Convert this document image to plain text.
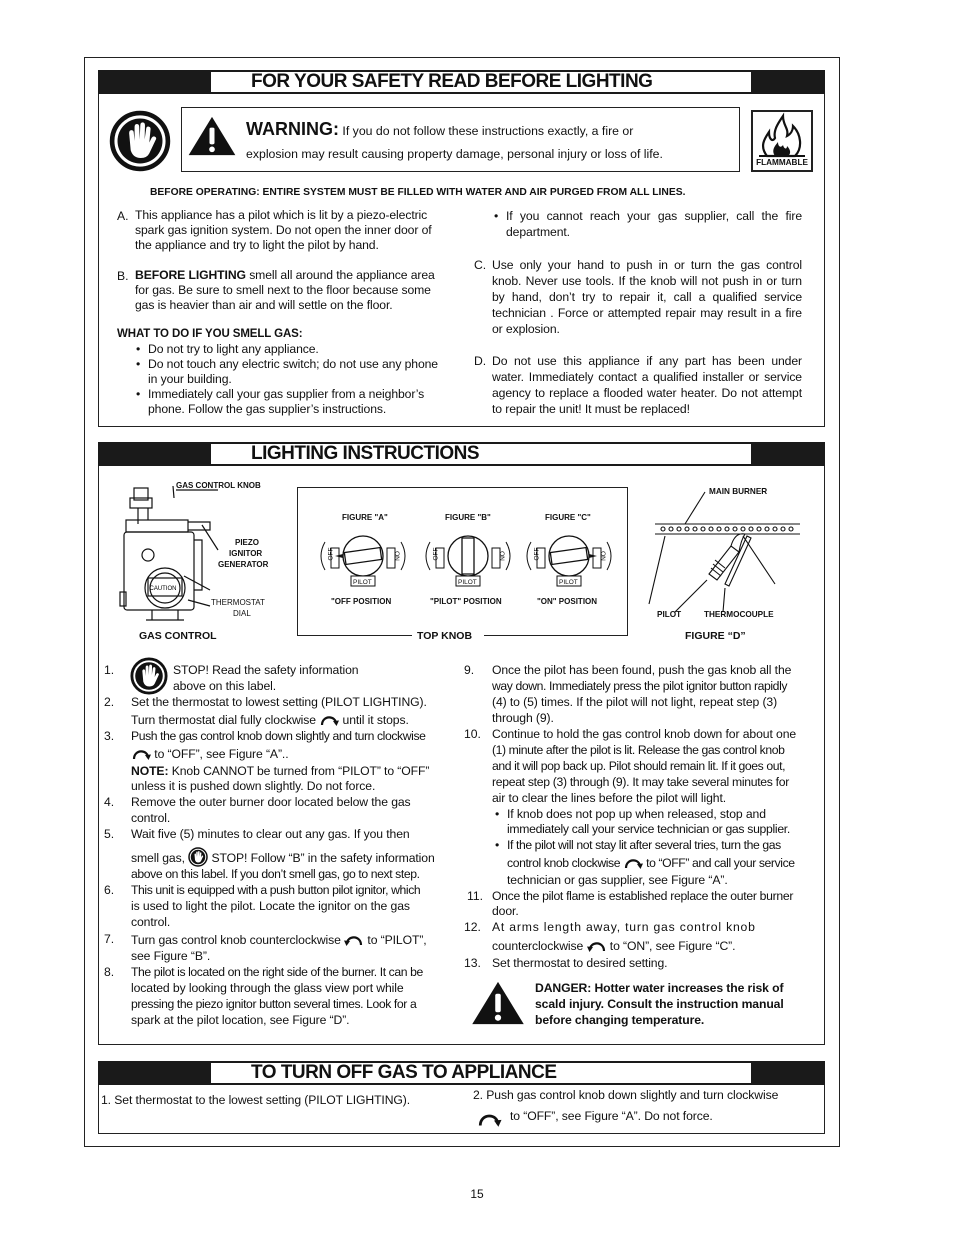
FOR YOUR SAFETY READ BEFORE LIGHTING
WARNING: If you do not follow these instructions exactly, a fire or
explosion may result causing property damage, personal injury or loss of life.
FLAMMABLE
BEFORE OPERATING: ENTIRE SYSTEM MUST BE FILLED WITH WATER AND AIR PURGED FROM ALL LINES.
A. This appliance has a pilot which is lit by a piezo-electric spark gas ignition system. Do not open the inner door of the appliance and try to light the pilot by hand.
B. BEFORE LIGHTING smell all around the appliance area for gas. Be sure to smell next to the floor because some gas is heavier than air and will settle on the floor.
WHAT TO DO IF YOU SMELL GAS:
• Do not try to light any appliance.
• Do not touch any electric switch; do not use any phone in your building.
• Immediately call your gas supplier from a neighbor’s phone. Follow the gas supplier’s instructions.
• If you cannot reach your gas supplier, call the fire department.
C. Use only your hand to push in or turn the gas control knob. Never use tools. If the knob will not push in or turn by hand, don’t try to repair it, call a qualified service technician . Force or attempted repair may result in a fire or explosion.
D. Do not use this appliance if any part has been under water. Immediately contact a qualified installer or service agency to replace a flooded water heater. Do not attempt to repair the unit! It must be replaced!
LIGHTING INSTRUCTIONS
CAUTION
GAS CONTROL KNOB
PIEZO
IGNITOR
GENERATOR
THERMOSTAT
DIAL
GAS CONTROL	TOP KNOB
FIGURE "A"	FIGURE "B"	FIGURE "C"
OFF	ON
PILOT
OFF	ON
PILOT
OFF	ON
PILOT
"OFF POSITION	"PILOT" POSITION	"ON" POSITION
MAIN BURNER
PILOT	THERMOCOUPLE
FIGURE “D”
1.	STOP! Read the safety information
above on this label.
2. Set the thermostat to lowest setting (PILOT LIGHTING).
Turn thermostat dial fully clockwise until it stops.
3. Push the gas control knob down slightly and turn clockwise
to “OFF”, see Figure “A”..
NOTE: Knob CANNOT be turned from “PILOT” to “OFF”
unless it is pushed down slightly. Do not force.
4. Remove the outer burner door located below the gas
control.
5. Wait five (5) minutes to clear out any gas. If you then
smell gas, STOP! Follow “B” in the safety information
above on this label. If you don’t smell gas, go to next step.
6. This unit is equipped with a push button pilot ignitor, which
is used to light the pilot. Locate the ignitor on the gas
control.
7. Turn gas control knob counterclockwise to “PILOT”,
see Figure “B”.
8. The pilot is located on the right side of the burner. It can be
located by looking through the glass view port while
pressing the piezo ignitor button several times. Look for a
spark at the pilot location, see Figure “D”.
9. Once the pilot has been found, push the gas knob all the
way down. Immediately press the pilot ignitor button rapidly
(4) to (5) times. If the pilot will not light, repeat step (3)
through (9).
10. Continue to hold the gas control knob down for about one
(1) minute after the pilot is lit. Release the gas control knob
and it will pop back up. Pilot should remain lit. If it goes out,
repeat step (3) through (9). It may take several minutes for
air to clear the lines before the pilot will light.
• If knob does not pop up when released, stop and
immediately call your service technician or gas supplier.
• If the pilot will not stay lit after several tries, turn the gas
control knob clockwise to “OFF” and call your service
technician or gas supplier, see Figure “A”.
11. Once the pilot flame is established replace the outer burner
door.
12. At arms length away, turn gas control knob
counterclockwise to “ON”, see Figure “C”.
13. Set thermostat to desired setting.
DANGER: Hotter water increases the risk of
scald injury. Consult the instruction manual
before changing temperature.
TO TURN OFF GAS TO APPLIANCE
1. Set thermostat to the lowest setting (PILOT LIGHTING).	2. Push gas control knob down slightly and turn clockwise
to “OFF”, see Figure “A”. Do not force.
15
